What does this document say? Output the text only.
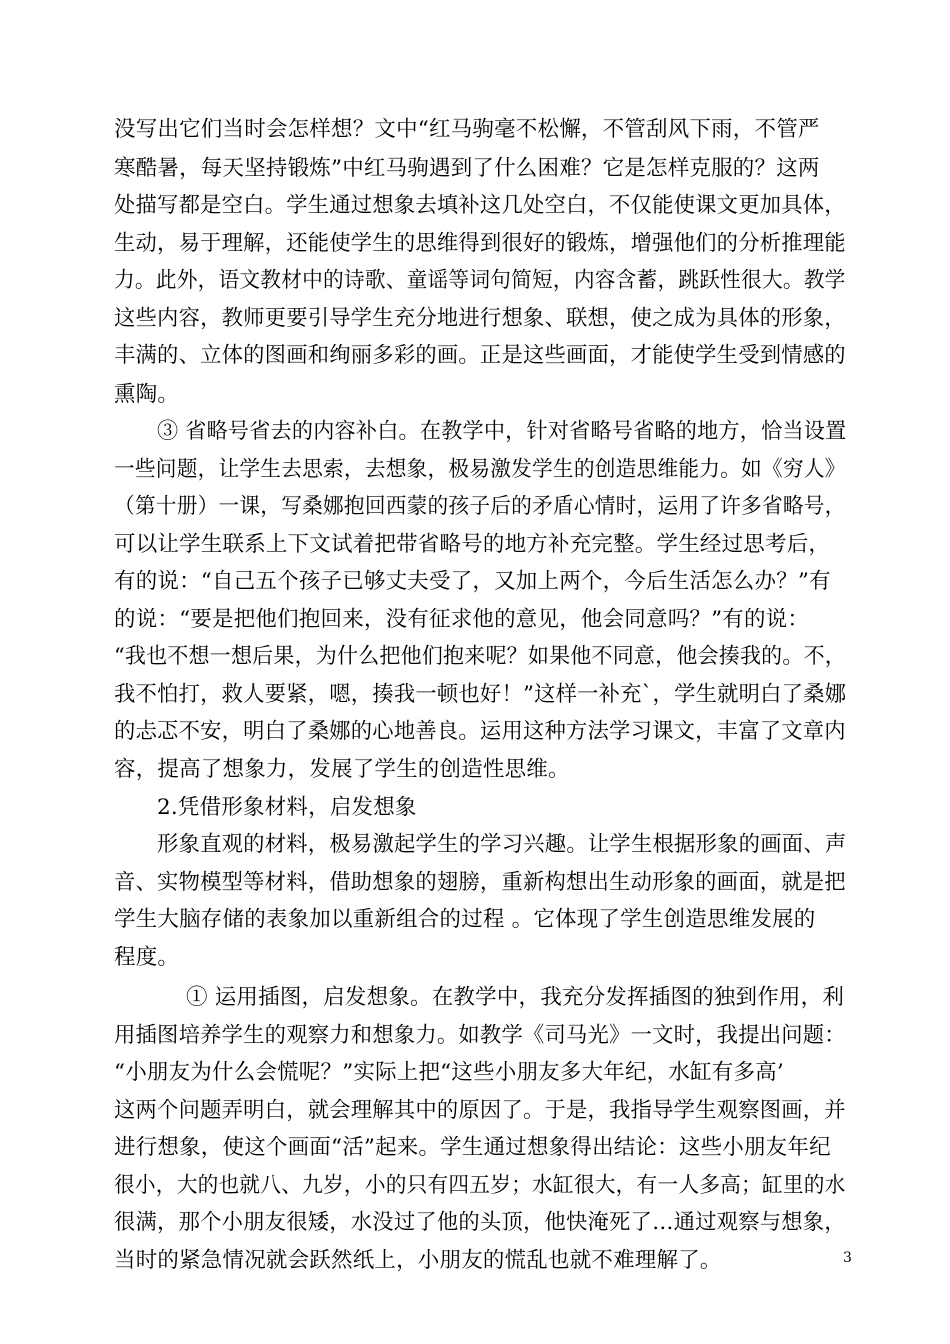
没写出它们当时会怎样想？文中“红马驹毫不松懈，不管刮风下雨，不管严
寒酷暑，每天坚持锻炼”中红马驹遇到了什么困难？它是怎样克服的？这两
处描写都是空白。学生通过想象去填补这几处空白，不仅能使课文更加具体，
生动，易于理解，还能使学生的思维得到很好的锻炼，增强他们的分析推理能
力。此外，语文教材中的诗歌、童谣等词句简短，内容含蓄，跳跃性很大。教学
这些内容，教师更要引导学生充分地进行想象、联想，使之成为具体的形象，
丰满的、立体的图画和绚丽多彩的画。正是这些画面，才能使学生受到情感的
熏陶。
③ 省略号省去的内容补白。在教学中，针对省略号省略的地方，恰当设置
一些问题，让学生去思索，去想象，极易激发学生的创造思维能力。如《穷人》
（第十册）一课，写桑娜抱回西蒙的孩子后的矛盾心情时，运用了许多省略号，
可以让学生联系上下文试着把带省略号的地方补充完整。学生经过思考后，
有的说：“自己五个孩子已够丈夫受了，又加上两个，今后生活怎么办？”有
的说：“要是把他们抱回来，没有征求他的意见，他会同意吗？”有的说：
“我也不想一想后果，为什么把他们抱来呢？如果他不同意，他会揍我的。不，
我不怕打，救人要紧，嗯，揍我一顿也好！”这样一补充`，学生就明白了桑娜
的忐忑不安，明白了桑娜的心地善良。运用这种方法学习课文，丰富了文章内
容，提高了想象力，发展了学生的创造性思维。
2.凭借形象材料，启发想象
形象直观的材料，极易激起学生的学习兴趣。让学生根据形象的画面、声
音、实物模型等材料，借助想象的翅膀，重新构想出生动形象的画面，就是把
学生大脑存储的表象加以重新组合的过程 。它体现了学生创造思维发展的
程度。
① 运用插图，启发想象。在教学中，我充分发挥插图的独到作用，利
用插图培养学生的观察力和想象力。如教学《司马光》一文时，我提出问题：
“小朋友为什么会慌呢？”实际上把“这些小朋友多大年纪，水缸有多高’
这两个问题弄明白，就会理解其中的原因了。于是，我指导学生观察图画，并
进行想象，使这个画面“活”起来。学生通过想象得出结论：这些小朋友年纪
很小，大的也就八、九岁，小的只有四五岁；水缸很大，有一人多高；缸里的水
很满，那个小朋友很矮，水没过了他的头顶，他快淹死了…通过观察与想象，
当时的紧急情况就会跃然纸上，小朋友的慌乱也就不难理解了。	3
